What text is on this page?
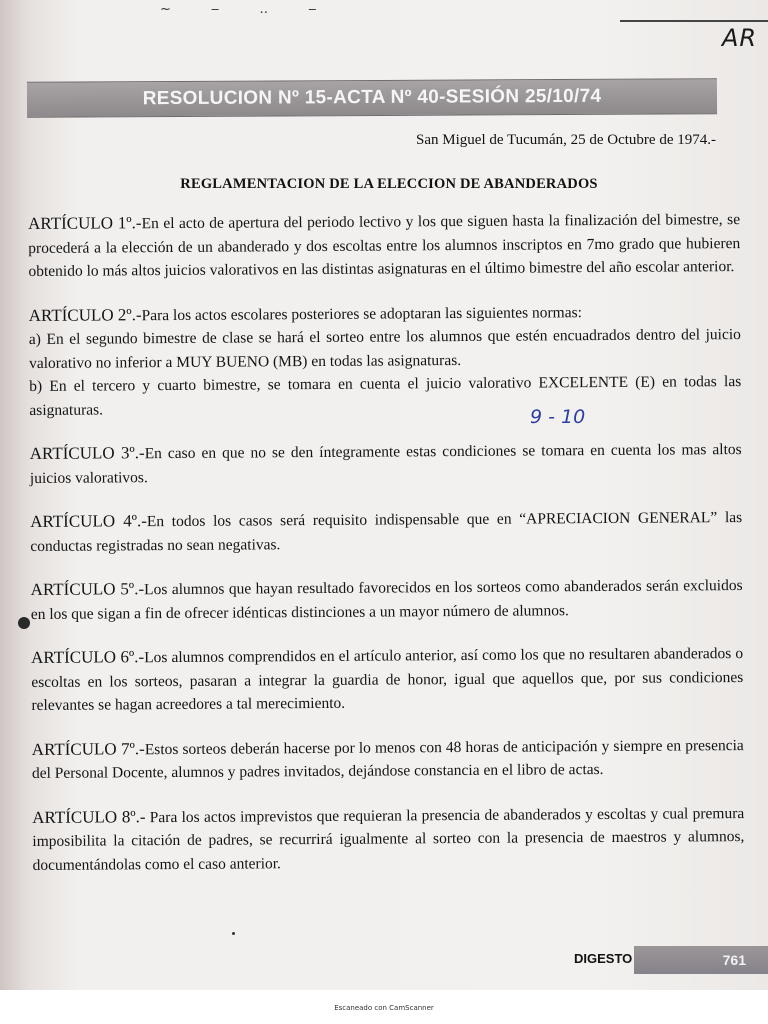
~ ‒ ‥ ‒
AR
RESOLUCION Nº 15-ACTA Nº 40-SESIÓN 25/10/74
San Miguel de Tucumán, 25 de Octubre de 1974.-
REGLAMENTACION DE LA ELECCION DE ABANDERADOS

ARTÍCULO 1º.-En el acto de apertura del periodo lectivo y los que siguen hasta la finalización del bimestre, se procederá a la elección de un abanderado y dos escoltas entre los alumnos inscriptos en 7mo grado que hubieren obtenido lo más altos juicios valorativos en las distintas asignaturas en el último bimestre del año escolar anterior.

ARTÍCULO 2º.-Para los actos escolares posteriores se adoptaran las siguientes normas:

a) En el segundo bimestre de clase se hará el sorteo entre los alumnos que estén encuadrados dentro del juicio valorativo no inferior a MUY BUENO (MB) en todas las asignaturas.

b) En el tercero y cuarto bimestre, se tomara en cuenta el juicio valorativo EXCELENTE (E) en todas las asignaturas.

ARTÍCULO 3º.-En caso en que no se den íntegramente estas condiciones se tomara en cuenta los mas altos juicios valorativos.

ARTÍCULO 4º.-En todos los casos será requisito indispensable que en “APRECIACION GENERAL” las conductas registradas no sean negativas.

ARTÍCULO 5º.-Los alumnos que hayan resultado favorecidos en los sorteos como abanderados serán excluidos en los que sigan a fin de ofrecer idénticas distinciones a un mayor número de alumnos.

ARTÍCULO 6º.-Los alumnos comprendidos en el artículo anterior, así como los que no resultaren abanderados o escoltas en los sorteos, pasaran a integrar la guardia de honor, igual que aquellos que, por sus condiciones relevantes se hagan acreedores a tal merecimiento.

ARTÍCULO 7º.-Estos sorteos deberán hacerse por lo menos con 48 horas de anticipación y siempre en presencia del Personal Docente, alumnos y padres invitados, dejándose constancia en el libro de actas.

ARTÍCULO 8º.- Para los actos imprevistos que requieran la presencia de abanderados y escoltas y cual premura imposibilita la citación de padres, se recurrirá igualmente al sorteo con la presencia de maestros y alumnos, documentándolas como el caso anterior.

9 - 10
DIGESTO	761
Escaneado con CamScanner
